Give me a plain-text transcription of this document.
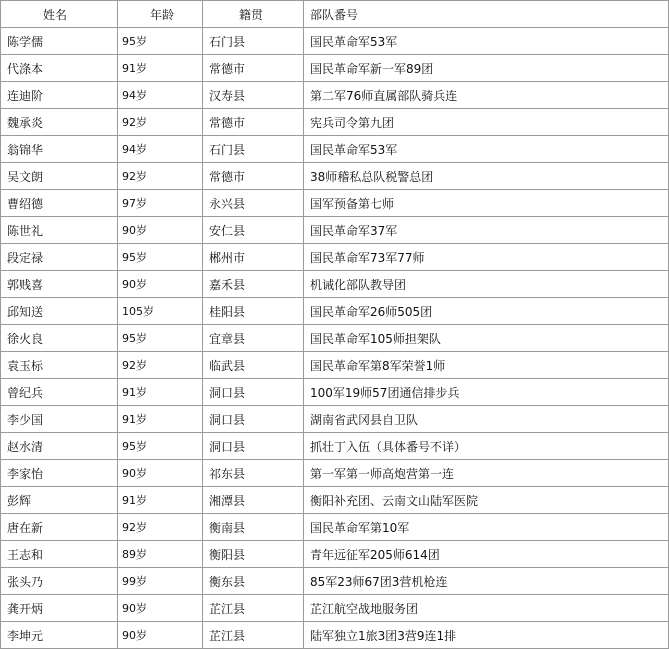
姓名	年龄	籍贯	部队番号
陈学儒	95岁	石门县	国民革命军53军
代涤本	91岁	常德市	国民革命军新一军89团
连迪阶	94岁	汉寿县	第二军76师直属部队骑兵连
魏承炎	92岁	常德市	宪兵司令第九团
翁锦华	94岁	石门县	国民革命军53军
吴文朗	92岁	常德市	38师稽私总队税警总团
曹绍德	97岁	永兴县	国军预备第七师
陈世礼	90岁	安仁县	国民革命军37军
段定禄	95岁	郴州市	国民革命军73军77师
郭贱喜	90岁	嘉禾县	机诫化部队教导团
邱知送	105岁	桂阳县	国民革命军26师505团
徐火良	95岁	宜章县	国民革命军105师担架队
袁玉标	92岁	临武县	国民革命军第8军荣誉1师
曾纪兵	91岁	洞口县	100军19师57团通信排步兵
李少国	91岁	洞口县	湖南省武冈县自卫队
赵水清	95岁	洞口县	抓壮丁入伍（具体番号不详）
李家怡	90岁	祁东县	第一军第一师高炮营第一连
彭辉	91岁	湘潭县	衡阳补充团、云南文山陆军医院
唐在新	92岁	衡南县	国民革命军第10军
王志和	89岁	衡阳县	青年远征军205师614团
张头乃	99岁	衡东县	85军23师67团3营机枪连
龚开炳	90岁	芷江县	芷江航空战地服务团
李坤元	90岁	芷江县	陆军独立1旅3团3营9连1排
